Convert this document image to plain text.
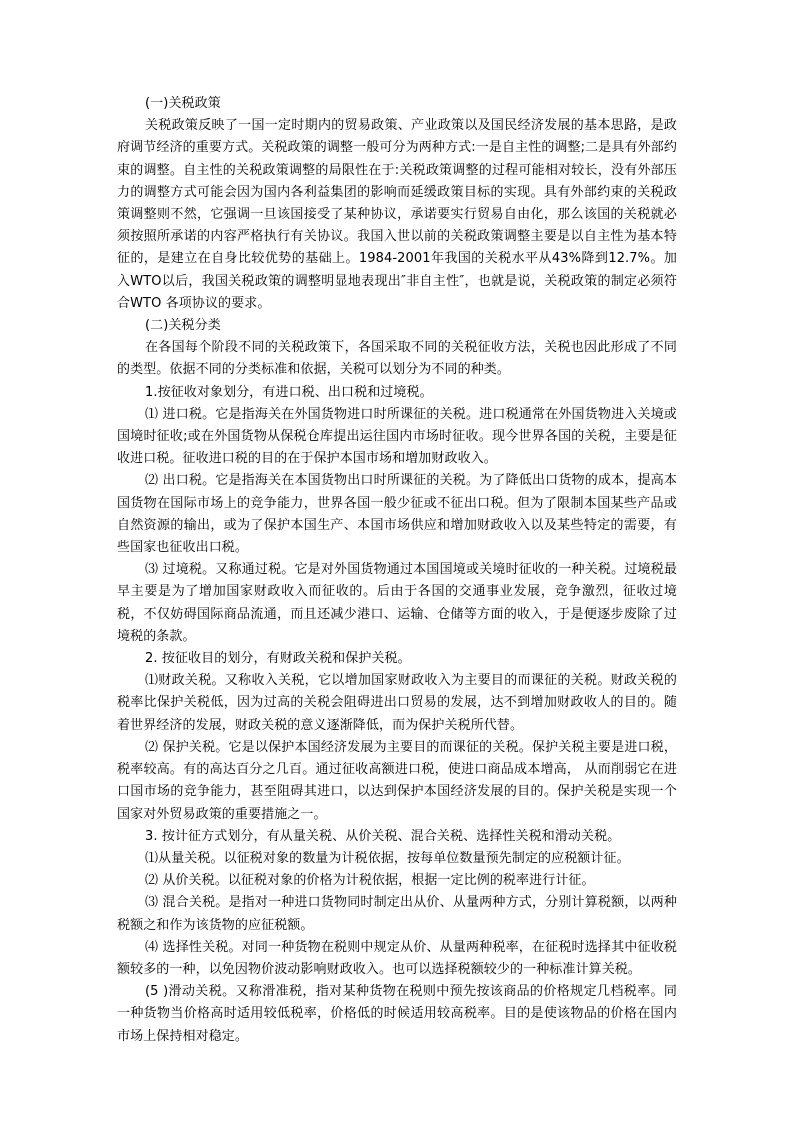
(一)关税政策

关税政策反映了一国一定时期内的贸易政策、产业政策以及国民经济发展的基本思路，是政府调节经济的重要方式。关税政策的调整一般可分为两种方式:一是自主性的调整;二是具有外部约束的调整。自主性的关税政策调整的局限性在于:关税政策调整的过程可能相对较长，没有外部压力的调整方式可能会因为国内各利益集团的影响而延缓政策目标的实现。具有外部约束的关税政策调整则不然，它强调一旦该国接受了某种协议，承诺要实行贸易自由化，那么该国的关税就必须按照所承诺的内容严格执行有关协议。我国入世以前的关税政策调整主要是以自主性为基本特征的，是建立在自身比较优势的基础上。1984-2001年我国的关税水平从43%降到12.7%。加入WTO以后，我国关税政策的调整明显地表现出″非自主性″，也就是说，关税政策的制定必须符合WTO 各项协议的要求。

(二)关税分类

在各国每个阶段不同的关税政策下，各国采取不同的关税征收方法，关税也因此形成了不同的类型。依据不同的分类标准和依据，关税可以划分为不同的种类。

1.按征收对象划分，有进口税、出口税和过境税。

⑴ 进口税。它是指海关在外国货物进口时所课征的关税。进口税通常在外国货物进入关境或国境时征收;或在外国货物从保税仓库提出运往国内市场时征收。现今世界各国的关税，主要是征收进口税。征收进口税的目的在于保护本国市场和增加财政收入。

⑵ 出口税。它是指海关在本国货物出口时所课征的关税。为了降低出口货物的成本，提高本国货物在国际市场上的竞争能力，世界各国一般少征或不征出口税。但为了限制本国某些产品或自然资源的输出，或为了保护本国生产、本国市场供应和增加财政收入以及某些特定的需要，有些国家也征收出口税。

⑶ 过境税。又称通过税。它是对外国货物通过本国国境或关境时征收的一种关税。过境税最早主要是为了增加国家财政收入而征收的。后由于各国的交通事业发展，竞争激烈，征收过境税，不仅妨碍国际商品流通，而且还减少港口、运输、仓储等方面的收入，于是便逐步废除了过境税的条款。

2. 按征收目的划分，有财政关税和保护关税。

⑴财政关税。又称收入关税，它以增加国家财政收入为主要目的而课征的关税。财政关税的税率比保护关税低，因为过高的关税会阻碍进出口贸易的发展，达不到增加财政收人的目的。随着世界经济的发展，财政关税的意义逐渐降低，而为保护关税所代替。

⑵ 保护关税。它是以保护本国经济发展为主要目的而课征的关税。保护关税主要是进口税，税率较高。有的高达百分之几百。通过征收高额进口税，使进口商品成本增高， 从而削弱它在进口国市场的竞争能力，甚至阻碍其进口，以达到保护本国经济发展的目的。保护关税是实现一个国家对外贸易政策的重要措施之一。

3. 按计征方式划分，有从量关税、从价关税、混合关税、选择性关税和滑动关税。

⑴从量关税。以征税对象的数量为计税依据，按每单位数量预先制定的应税额计征。

⑵ 从价关税。以征税对象的价格为计税依据，根据一定比例的税率进行计征。

⑶ 混合关税。是指对一种进口货物同时制定出从价、从量两种方式，分别计算税额，以两种税额之和作为该货物的应征税额。

⑷ 选择性关税。对同一种货物在税则中规定从价、从量两种税率，在征税时选择其中征收税额较多的一种，以免因物价波动影响财政收入。也可以选择税额较少的一种标准计算关税。

(5 )滑动关税。又称滑准税，指对某种货物在税则中预先按该商品的价格规定几档税率。同一种货物当价格高时适用较低税率，价格低的时候适用较高税率。目的是使该物品的价格在国内市场上保持相对稳定。
